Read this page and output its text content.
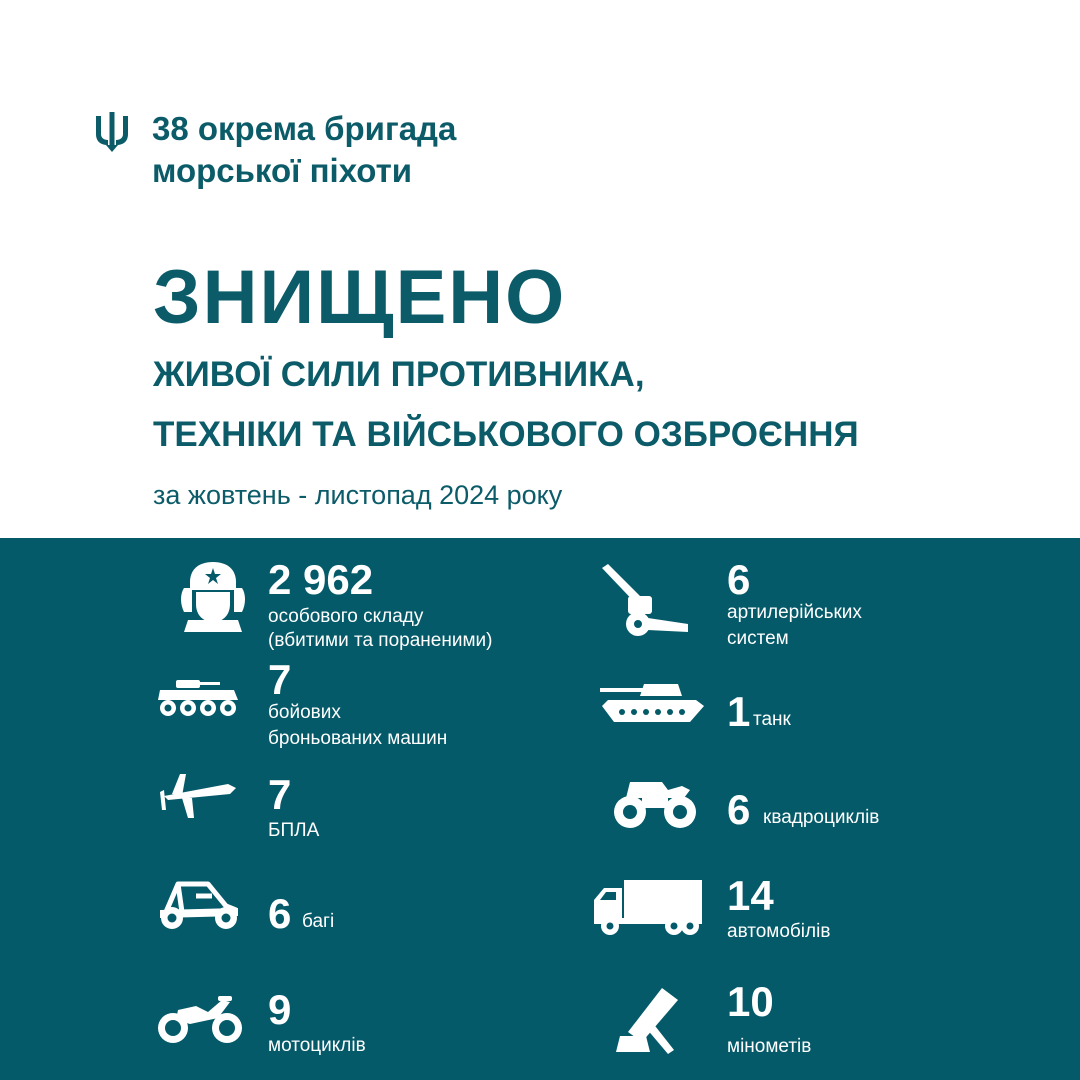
38 окрема бригада
морської піхоти
ЗНИЩЕНО
ЖИВОЇ СИЛИ ПРОТИВНИКА,
ТЕХНІКИ ТА ВІЙСЬКОВОГО ОЗБРОЄННЯ
за жовтень - листопад 2024 року
2 962
особового складу
(вбитими та пораненими)
6
артилерійських
систем
7
бойових
броньованих машин
1 танк
7
БПЛА	6 квадроциклів
6 багі
14
автомобілів
9
мотоциклів
10
мінометів
